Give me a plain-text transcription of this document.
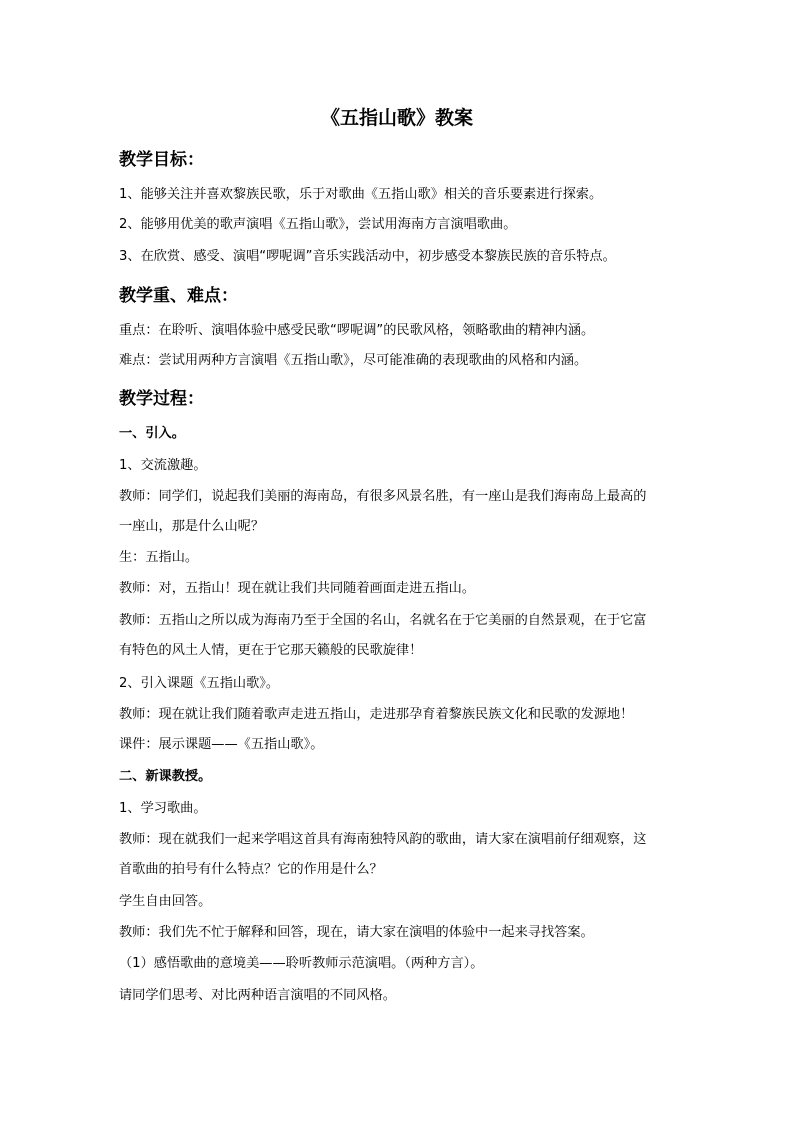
《五指山歌》教案
教学目标：
1、能够关注并喜欢黎族民歌，乐于对歌曲《五指山歌》相关的音乐要素进行探索。
2、能够用优美的歌声演唱《五指山歌》，尝试用海南方言演唱歌曲。
3、在欣赏、感受、演唱“啰呢调”音乐实践活动中，初步感受本黎族民族的音乐特点。
教学重、难点：
重点：在聆听、演唱体验中感受民歌“啰呢调”的民歌风格，领略歌曲的精神内涵。
难点：尝试用两种方言演唱《五指山歌》，尽可能准确的表现歌曲的风格和内涵。
教学过程：
一、引入。
1、交流激趣。
教师：同学们，说起我们美丽的海南岛，有很多风景名胜，有一座山是我们海南岛上最高的
一座山，那是什么山呢？
生：五指山。
教师：对，五指山！现在就让我们共同随着画面走进五指山。
教师：五指山之所以成为海南乃至于全国的名山，名就名在于它美丽的自然景观，在于它富
有特色的风土人情，更在于它那天籁般的民歌旋律！
2、引入课题《五指山歌》。
教师：现在就让我们随着歌声走进五指山，走进那孕育着黎族民族文化和民歌的发源地！
课件：展示课题——《五指山歌》。
二、新课教授。
1、学习歌曲。
教师：现在就我们一起来学唱这首具有海南独特风韵的歌曲，请大家在演唱前仔细观察，这
首歌曲的拍号有什么特点？它的作用是什么？
学生自由回答。
教师：我们先不忙于解释和回答，现在，请大家在演唱的体验中一起来寻找答案。
（1）感悟歌曲的意境美——聆听教师示范演唱。（两种方言）。
请同学们思考、对比两种语言演唱的不同风格。
